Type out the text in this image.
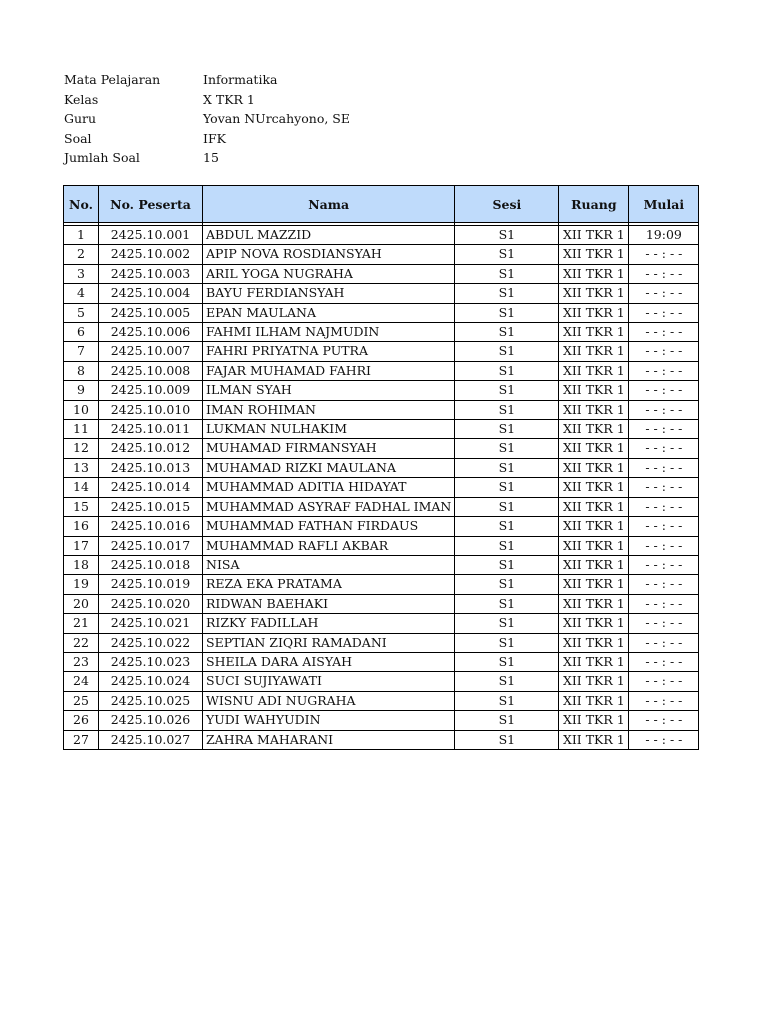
Mata Pelajaran	Informatika
Kelas	X TKR 1
Guru	Yovan NUrcahyono, SE
Soal	IFK
Jumlah Soal	15
No.	No. Peserta	Nama	Sesi	Ruang	Mulai

1	2425.10.001	ABDUL MAZZID	S1	XII TKR 1	19:09
2	2425.10.002	APIP NOVA ROSDIANSYAH	S1	XII TKR 1	- - : - -
3	2425.10.003	ARIL YOGA NUGRAHA	S1	XII TKR 1	- - : - -
4	2425.10.004	BAYU FERDIANSYAH	S1	XII TKR 1	- - : - -
5	2425.10.005	EPAN MAULANA	S1	XII TKR 1	- - : - -
6	2425.10.006	FAHMI ILHAM NAJMUDIN	S1	XII TKR 1	- - : - -
7	2425.10.007	FAHRI PRIYATNA PUTRA	S1	XII TKR 1	- - : - -
8	2425.10.008	FAJAR MUHAMAD FAHRI	S1	XII TKR 1	- - : - -
9	2425.10.009	ILMAN SYAH	S1	XII TKR 1	- - : - -
10	2425.10.010	IMAN ROHIMAN	S1	XII TKR 1	- - : - -
11	2425.10.011	LUKMAN NULHAKIM	S1	XII TKR 1	- - : - -
12	2425.10.012	MUHAMAD FIRMANSYAH	S1	XII TKR 1	- - : - -
13	2425.10.013	MUHAMAD RIZKI MAULANA	S1	XII TKR 1	- - : - -
14	2425.10.014	MUHAMMAD ADITIA HIDAYAT	S1	XII TKR 1	- - : - -
15	2425.10.015	MUHAMMAD ASYRAF FADHAL IMAN	S1	XII TKR 1	- - : - -
16	2425.10.016	MUHAMMAD FATHAN FIRDAUS	S1	XII TKR 1	- - : - -
17	2425.10.017	MUHAMMAD RAFLI AKBAR	S1	XII TKR 1	- - : - -
18	2425.10.018	NISA	S1	XII TKR 1	- - : - -
19	2425.10.019	REZA EKA PRATAMA	S1	XII TKR 1	- - : - -
20	2425.10.020	RIDWAN BAEHAKI	S1	XII TKR 1	- - : - -
21	2425.10.021	RIZKY FADILLAH	S1	XII TKR 1	- - : - -
22	2425.10.022	SEPTIAN ZIQRI RAMADANI	S1	XII TKR 1	- - : - -
23	2425.10.023	SHEILA DARA AISYAH	S1	XII TKR 1	- - : - -
24	2425.10.024	SUCI SUJIYAWATI	S1	XII TKR 1	- - : - -
25	2425.10.025	WISNU ADI NUGRAHA	S1	XII TKR 1	- - : - -
26	2425.10.026	YUDI WAHYUDIN	S1	XII TKR 1	- - : - -
27	2425.10.027	ZAHRA MAHARANI	S1	XII TKR 1	- - : - -
